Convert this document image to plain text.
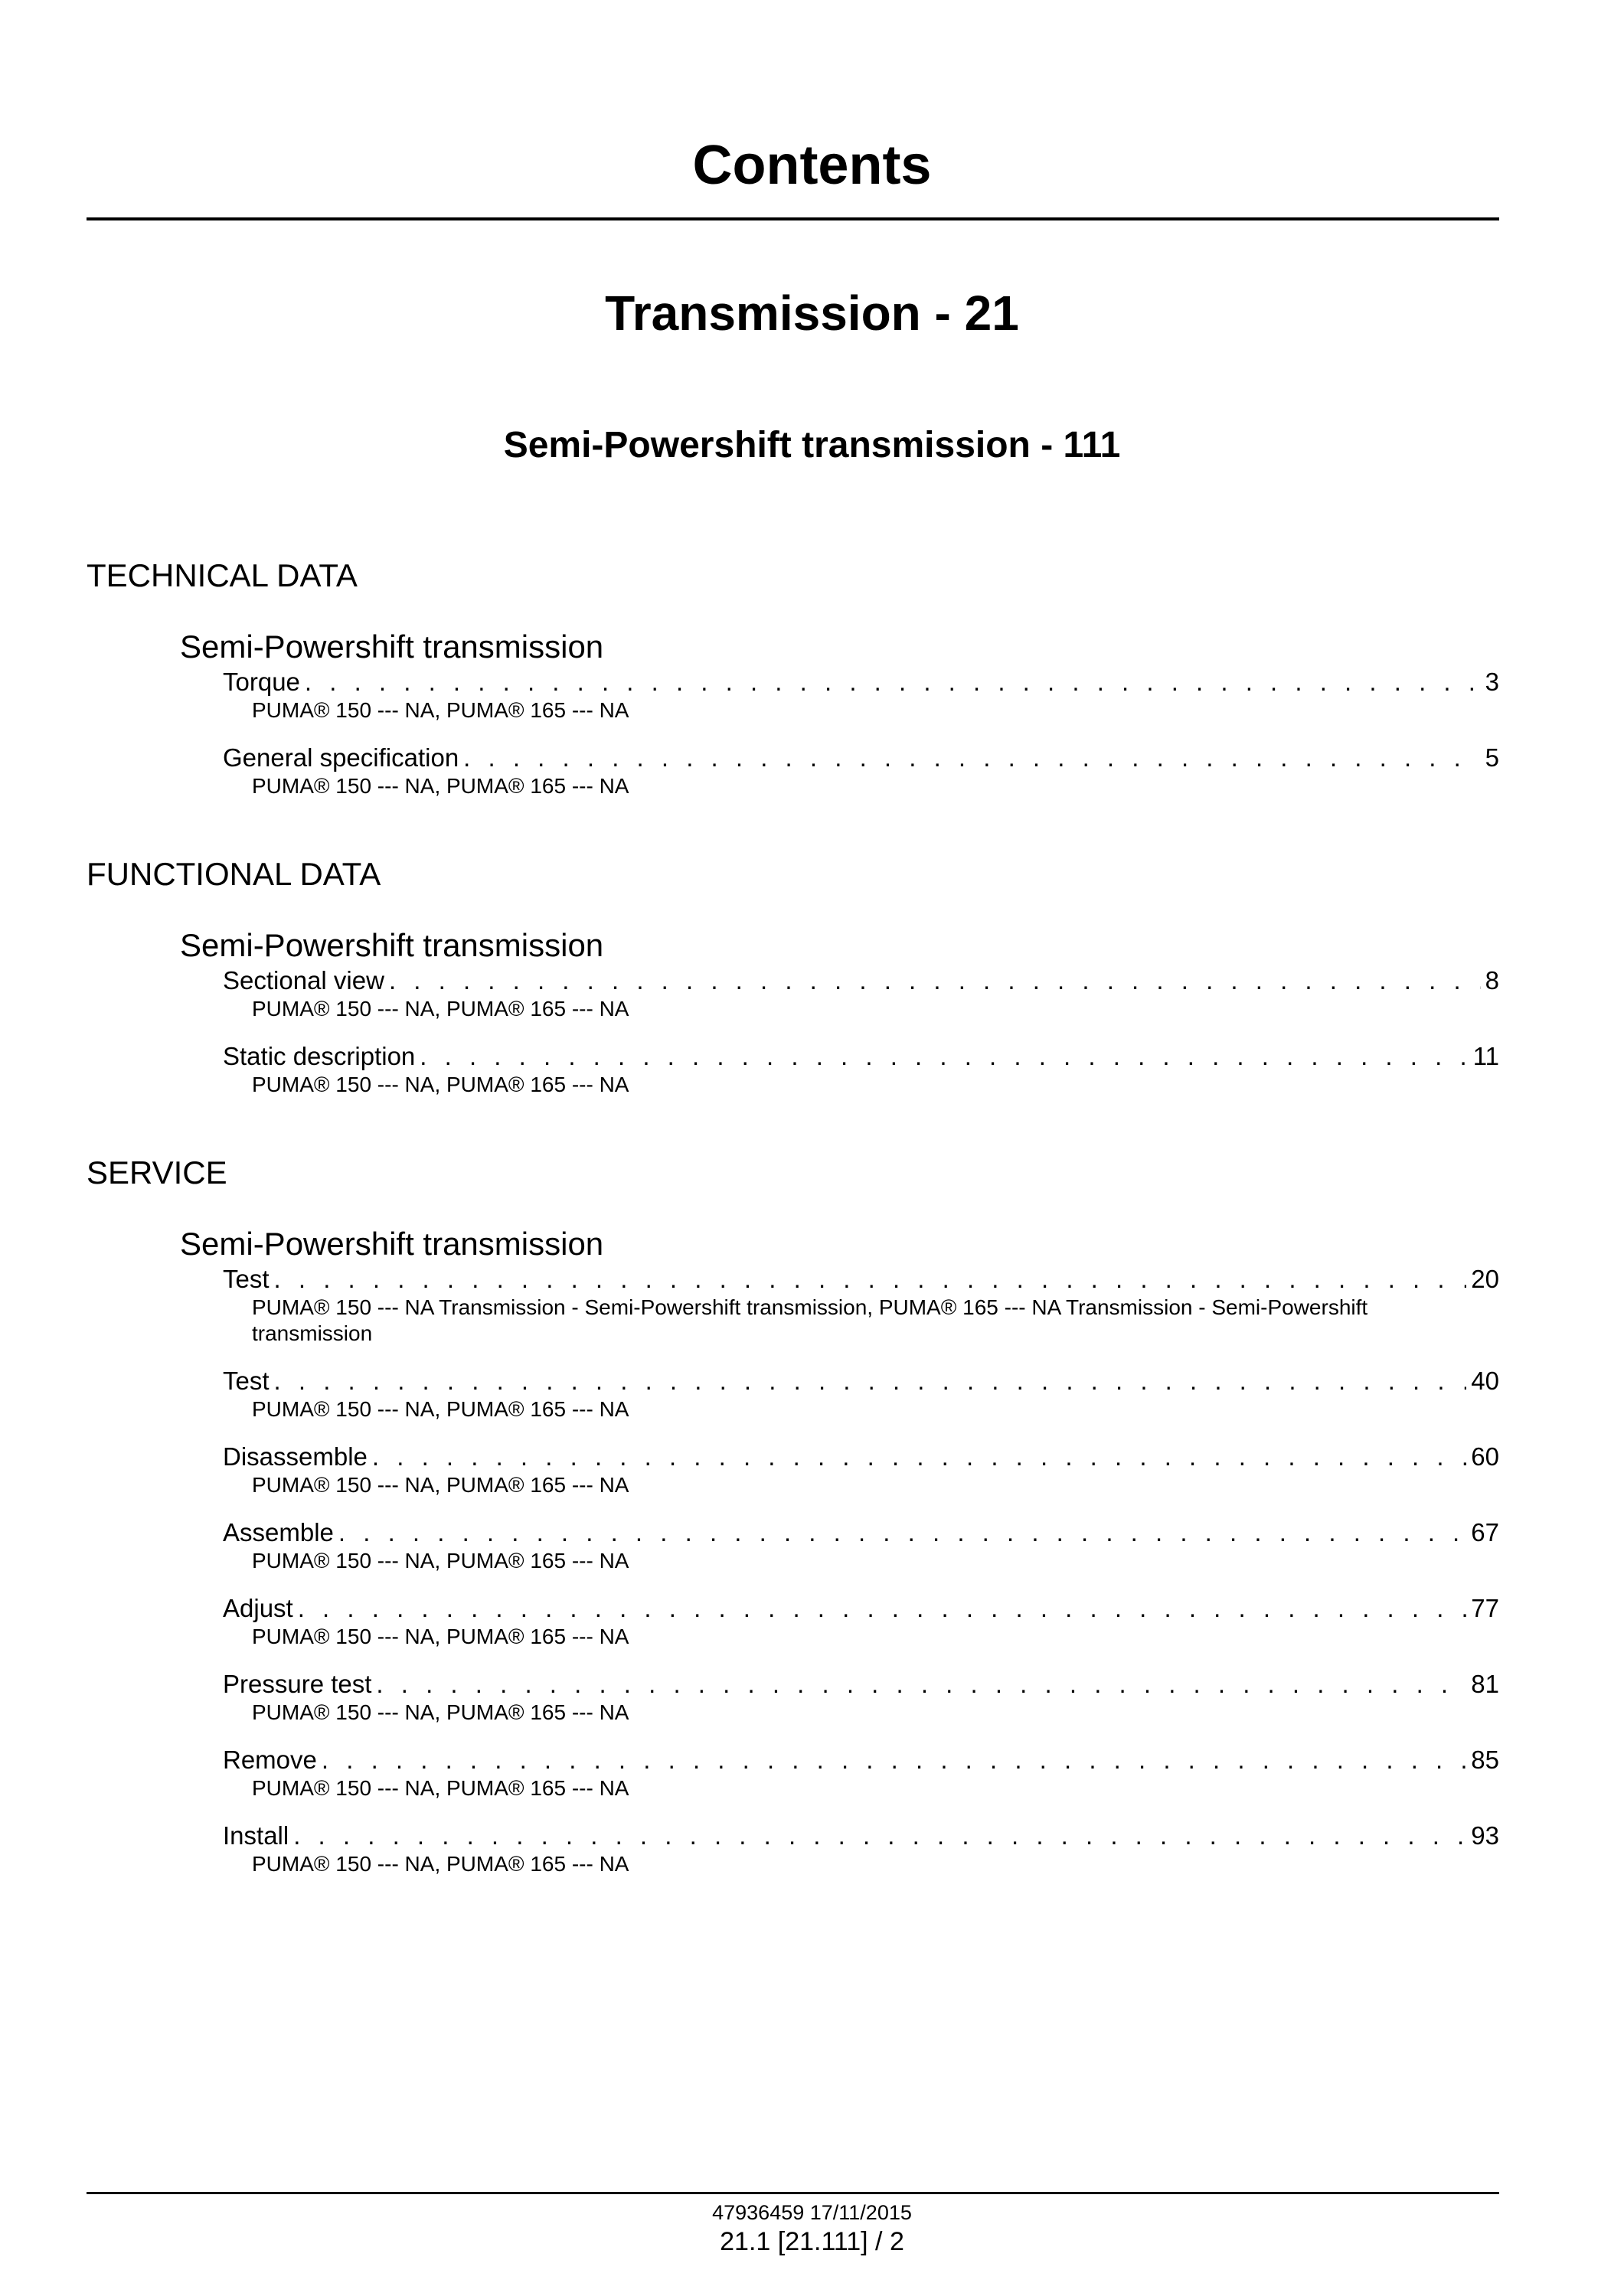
Contents
Transmission - 21
Semi-Powershift transmission - 111
TECHNICAL DATA
Semi-Powershift transmission
Torque . . .	3
PUMA® 150 --- NA, PUMA® 165 --- NA
General specification . . .	5
PUMA® 150 --- NA, PUMA® 165 --- NA
FUNCTIONAL DATA
Semi-Powershift transmission
Sectional view . . .	8
PUMA® 150 --- NA, PUMA® 165 --- NA
Static description . . .	11
PUMA® 150 --- NA, PUMA® 165 --- NA
SERVICE
Semi-Powershift transmission
Test . . .	20
PUMA® 150 --- NA Transmission - Semi-Powershift transmission, PUMA® 165 --- NA Transmission - Semi-Powershift transmission
Test . . .	40
PUMA® 150 --- NA, PUMA® 165 --- NA
Disassemble . . .	60
PUMA® 150 --- NA, PUMA® 165 --- NA
Assemble . . .	67
PUMA® 150 --- NA, PUMA® 165 --- NA
Adjust . . .	77
PUMA® 150 --- NA, PUMA® 165 --- NA
Pressure test . . .	81
PUMA® 150 --- NA, PUMA® 165 --- NA
Remove . . .	85
PUMA® 150 --- NA, PUMA® 165 --- NA
Install . . .	93
PUMA® 150 --- NA, PUMA® 165 --- NA
47936459 17/11/2015
21.1 [21.111] / 2
